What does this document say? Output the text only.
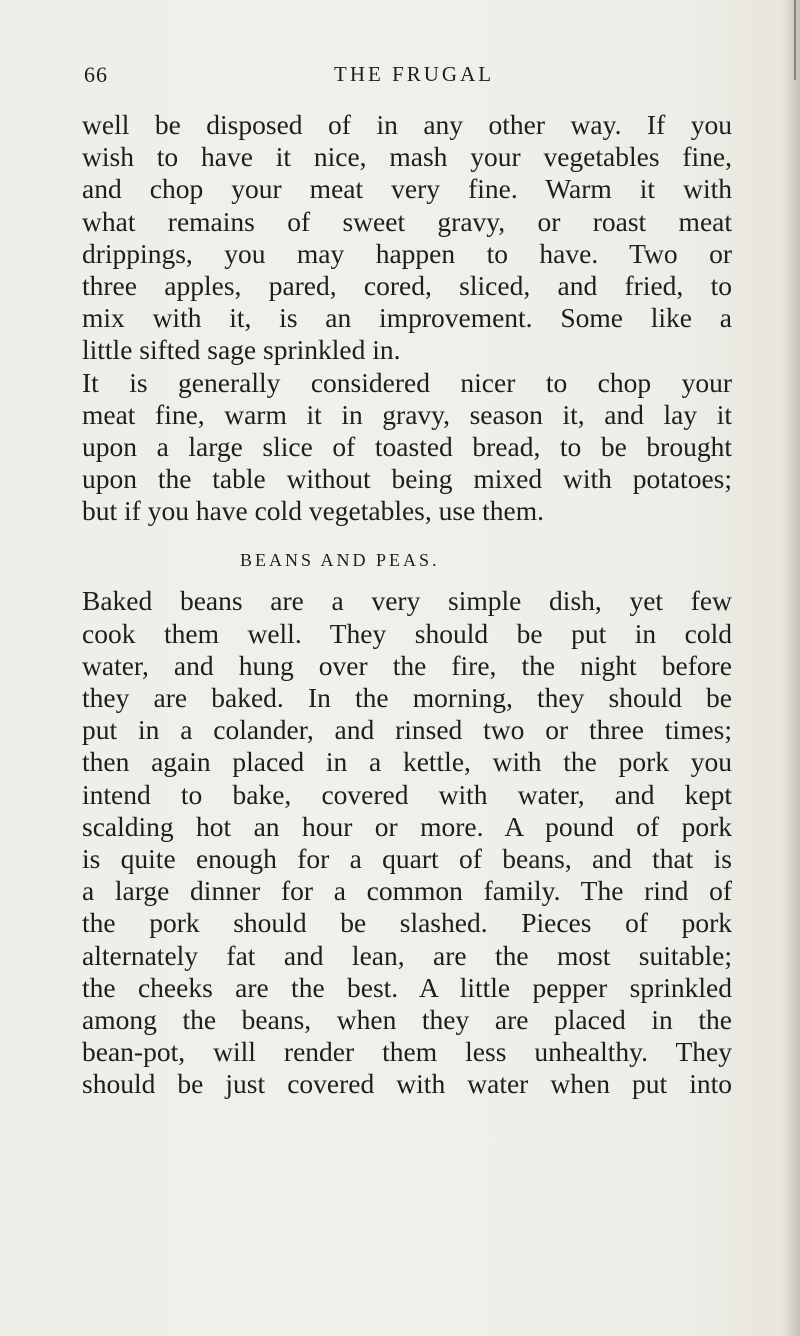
66	THE FRUGAL
well be disposed of in any other way. If you
wish to have it nice, mash your vegetables fine,
and chop your meat very fine. Warm it with
what remains of sweet gravy, or roast meat
drippings, you may happen to have. Two or
three apples, pared, cored, sliced, and fried, to
mix with it, is an improvement. Some like a
little sifted sage sprinkled in.
It is generally considered nicer to chop your
meat fine, warm it in gravy, season it, and lay it
upon a large slice of toasted bread, to be brought
upon the table without being mixed with potatoes;
but if you have cold vegetables, use them.
BEANS AND PEAS.
Baked beans are a very simple dish, yet few
cook them well. They should be put in cold
water, and hung over the fire, the night before
they are baked. In the morning, they should be
put in a colander, and rinsed two or three times;
then again placed in a kettle, with the pork you
intend to bake, covered with water, and kept
scalding hot an hour or more. A pound of pork
is quite enough for a quart of beans, and that is
a large dinner for a common family. The rind of
the pork should be slashed. Pieces of pork
alternately fat and lean, are the most suitable;
the cheeks are the best. A little pepper sprinkled
among the beans, when they are placed in the
bean-pot, will render them less unhealthy. They
should be just covered with water when put into
